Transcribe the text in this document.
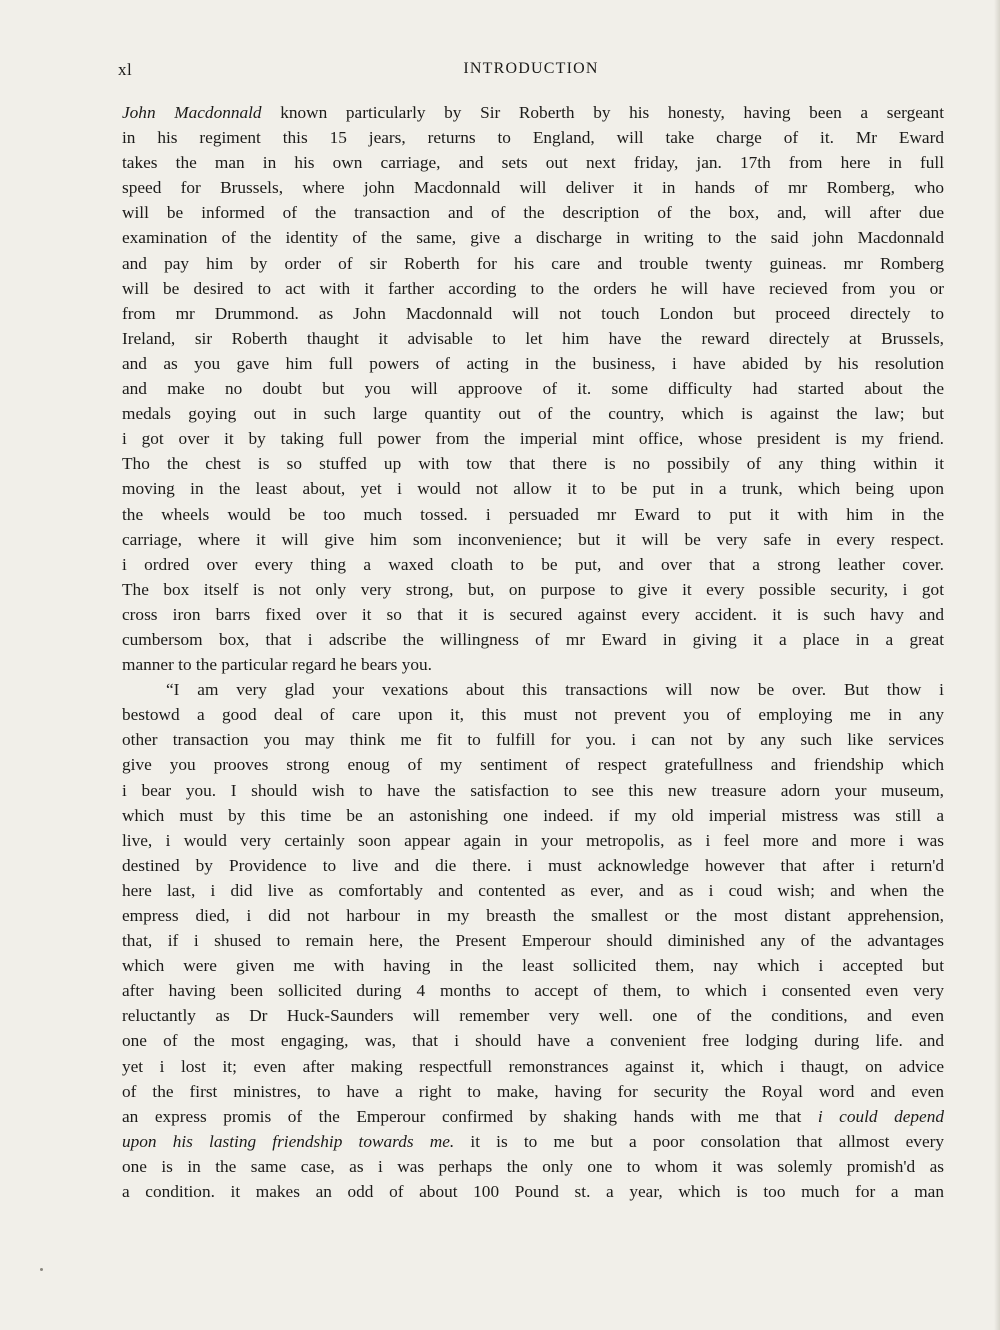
xl	INTRODUCTION
John Macdonnald known particularly by Sir Roberth by his honesty, having been a sergeant
in his regiment this 15 jears, returns to England, will take charge of it. Mr Eward
takes the man in his own carriage, and sets out next friday, jan. 17th from here in full
speed for Brussels, where john Macdonnald will deliver it in hands of mr Romberg, who
will be informed of the transaction and of the description of the box, and, will after due
examination of the identity of the same, give a discharge in writing to the said john Macdonnald
and pay him by order of sir Roberth for his care and trouble twenty guineas. mr Romberg
will be desired to act with it farther according to the orders he will have recieved from you or
from mr Drummond. as John Macdonnald will not touch London but proceed directely to
Ireland, sir Roberth thaught it advisable to let him have the reward directely at Brussels,
and as you gave him full powers of acting in the business, i have abided by his resolution
and make no doubt but you will approove of it. some difficulty had started about the
medals goying out in such large quantity out of the country, which is against the law; but
i got over it by taking full power from the imperial mint office, whose president is my friend.
Tho the chest is so stuffed up with tow that there is no possibily of any thing within it
moving in the least about, yet i would not allow it to be put in a trunk, which being upon
the wheels would be too much tossed. i persuaded mr Eward to put it with him in the
carriage, where it will give him som inconvenience; but it will be very safe in every respect.
i ordred over every thing a waxed cloath to be put, and over that a strong leather cover.
The box itself is not only very strong, but, on purpose to give it every possible security, i got
cross iron barrs fixed over it so that it is secured against every accident. it is such havy and
cumbersom box, that i adscribe the willingness of mr Eward in giving it a place in a great
manner to the particular regard he bears you.
“I am very glad your vexations about this transactions will now be over. But thow i
bestowd a good deal of care upon it, this must not prevent you of employing me in any
other transaction you may think me fit to fulfill for you. i can not by any such like services
give you prooves strong enoug of my sentiment of respect gratefullness and friendship which
i bear you. I should wish to have the satisfaction to see this new treasure adorn your museum,
which must by this time be an astonishing one indeed. if my old imperial mistress was still a
live, i would very certainly soon appear again in your metropolis, as i feel more and more i was
destined by Providence to live and die there. i must acknowledge however that after i return'd
here last, i did live as comfortably and contented as ever, and as i coud wish; and when the
empress died, i did not harbour in my breasth the smallest or the most distant apprehension,
that, if i shused to remain here, the Present Emperour should diminished any of the advantages
which were given me with having in the least sollicited them, nay which i accepted but
after having been sollicited during 4 months to accept of them, to which i consented even very
reluctantly as Dr Huck-Saunders will remember very well. one of the conditions, and even
one of the most engaging, was, that i should have a convenient free lodging during life. and
yet i lost it; even after making respectfull remonstrances against it, which i thaugt, on advice
of the first ministres, to have a right to make, having for security the Royal word and even
an express promis of the Emperour confirmed by shaking hands with me that i could depend
upon his lasting friendship towards me. it is to me but a poor consolation that allmost every
one is in the same case, as i was perhaps the only one to whom it was solemly promish'd as
a condition. it makes an odd of about 100 Pound st. a year, which is too much for a man
